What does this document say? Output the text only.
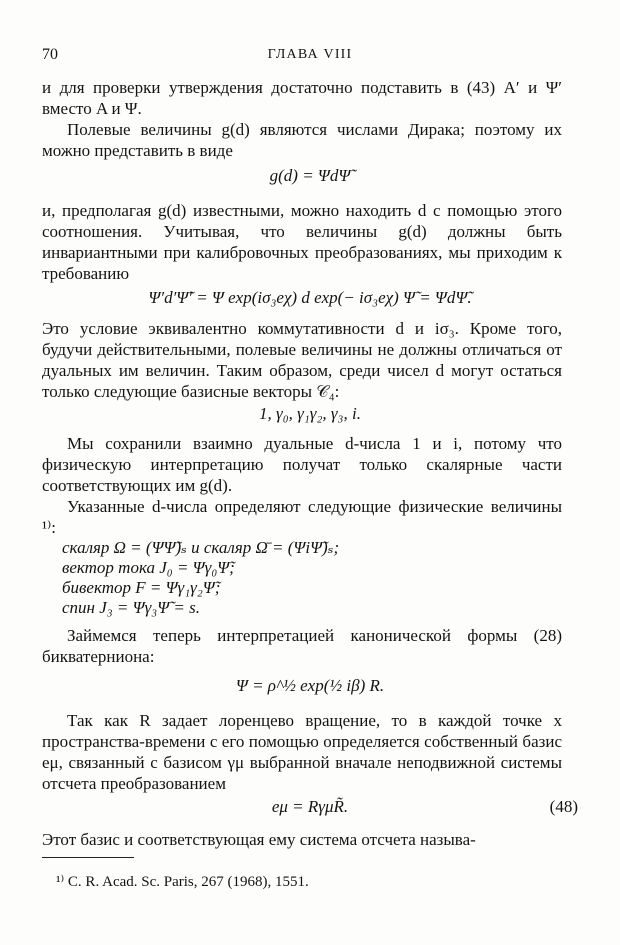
70	ГЛАВА VIII
и для проверки утверждения достаточно подставить в (43) A′ и Ψ′ вместо A и Ψ.
Полевые величины g(d) являются числами Дирака; поэтому их можно представить в виде
g(d) = ΨdΨ̃
и, предполагая g(d) известными, можно находить d с помощью этого соотношения. Учитывая, что величины g(d) должны быть инвариантными при калибровочных преобразованиях, мы приходим к требованию
Ψ′d′Ψ̃′ = Ψ exp(iσ₃eχ) d exp(− iσ₃eχ) Ψ̃ = ΨdΨ̃.
Это условие эквивалентно коммутативности d и iσ₃. Кроме того, будучи действительными, полевые величины не должны отличаться от дуальных им величин. Таким образом, среди чисел d могут остаться только следующие базисные векторы 𝒞₄:
1, γ₀, γ₁γ₂, γ₃, i.
Мы сохранили взаимно дуальные d-числа 1 и i, потому что физическую интерпретацию получат только скалярные части соответствующих им g(d).
Указанные d-числа определяют следующие физические величины ¹⁾:
скаляр Ω = (ΨΨ̃)ₛ и скаляр Ω̄ = (ΨiΨ̃)ₛ;
вектор тока J₀ = Ψγ₀Ψ̃;
бивектор F = Ψγ₁γ₂Ψ̃;
спин J₃ = Ψγ₃Ψ̃ = s.
Займемся теперь интерпретацией канонической формы (28) бикватерниона:
Ψ = ρ^½ exp(½ iβ) R.
Так как R задает лоренцево вращение, то в каждой точке x пространства-времени с его помощью определяется собственный базис eμ, связанный с базисом γμ выбранной вначале неподвижной системы отсчета преобразованием
eμ = RγμR̃.	(48)
Этот базис и соответствующая ему система отсчета называ-
¹⁾ C. R. Acad. Sc. Paris, 267 (1968), 1551.
